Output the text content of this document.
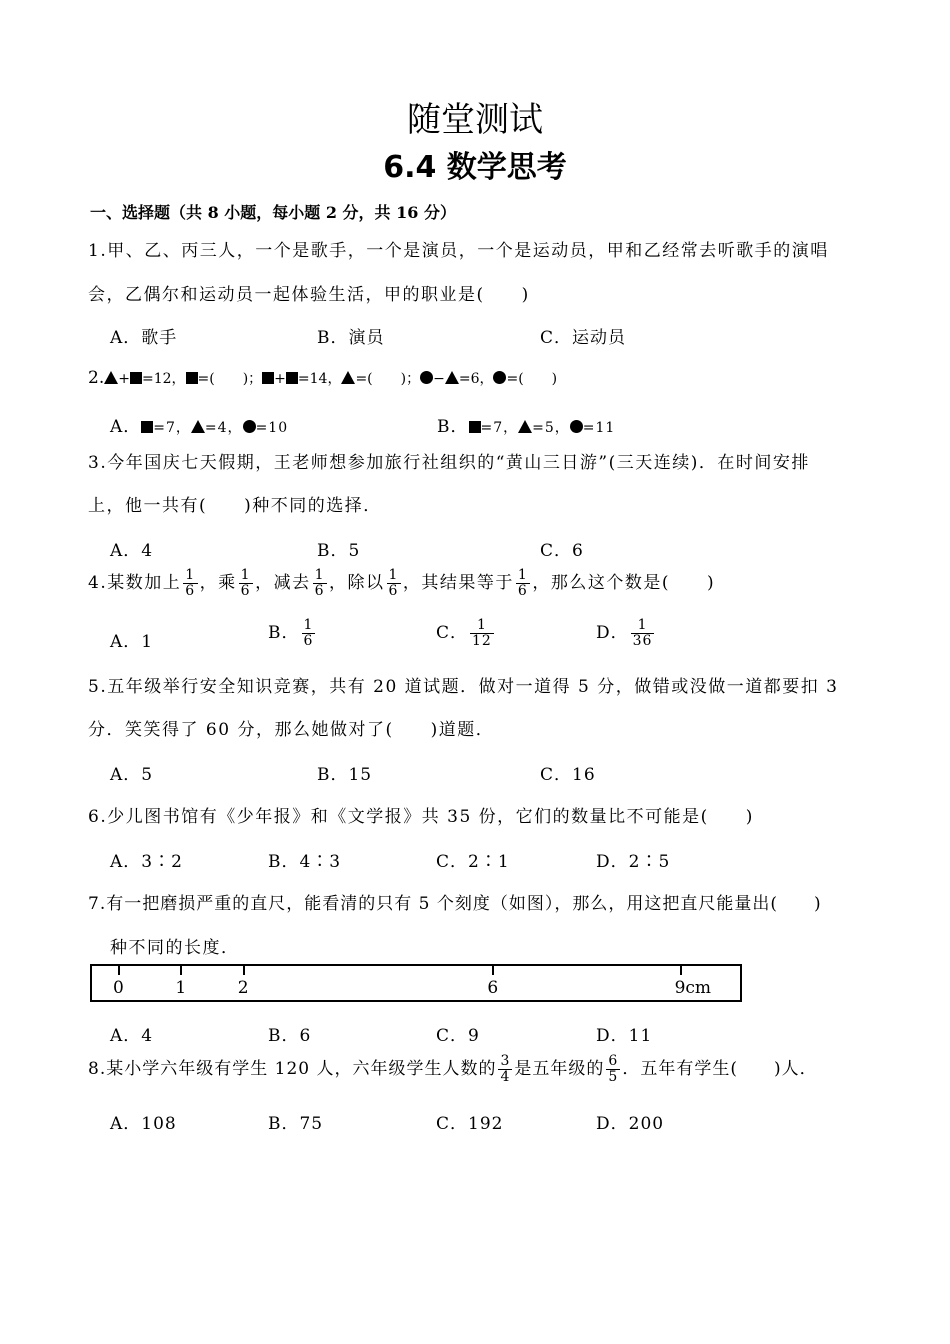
随堂测试
6.4 数学思考
一、选择题（共 8 小题，每小题 2 分，共 16 分）
1.甲、乙、丙三人，一个是歌手，一个是演员，一个是运动员，甲和乙经常去听歌手的演唱
会，乙偶尔和运动员一起体验生活，甲的职业是(　　)
A．歌手	B．演员	C．运动员
2. + =12， =(　　)； + =14， =(　　)； − =6， =(　　)
A． =7， =4， =10	B． =7， =5， =11
3.今年国庆七天假期，王老师想参加旅行社组织的“黄山三日游”(三天连续)．在时间安排
上，他一共有(　　)种不同的选择．
A．4	B．5	C．6
4.某数加上 $\frac{1}{6}$ ，乘 $\frac{1}{6}$ ，减去 $\frac{1}{6}$ ，除以 $\frac{1}{6}$ ，其结果等于 $\frac{1}{6}$ ，那么这个数是(　　)
A．1	B． $\frac{1}{6}$	C． $\frac{1}{12}$	D． $\frac{1}{36}$
5.五年级举行安全知识竞赛，共有 20 道试题．做对一道得 5 分，做错或没做一道都要扣 3
分．笑笑得了 60 分，那么她做对了(　　)道题．
A．5	B．15	C．16
6.少儿图书馆有《少年报》和《文学报》共 35 份，它们的数量比不可能是(　　)
A．3∶2	B．4∶3	C．2∶1	D．2∶5
7.有一把磨损严重的直尺，能看清的只有 5 个刻度（如图），那么，用这把直尺能量出(　　)
种不同的长度．
0	1	2	6	9cm
A．4	B．6	C．9	D．11
8.某小学六年级有学生 120 人，六年级学生人数的 $\frac{3}{4}$ 是五年级的 $\frac{6}{5}$ ．五年有学生(　　)人．
A．108	B．75	C．192	D．200
